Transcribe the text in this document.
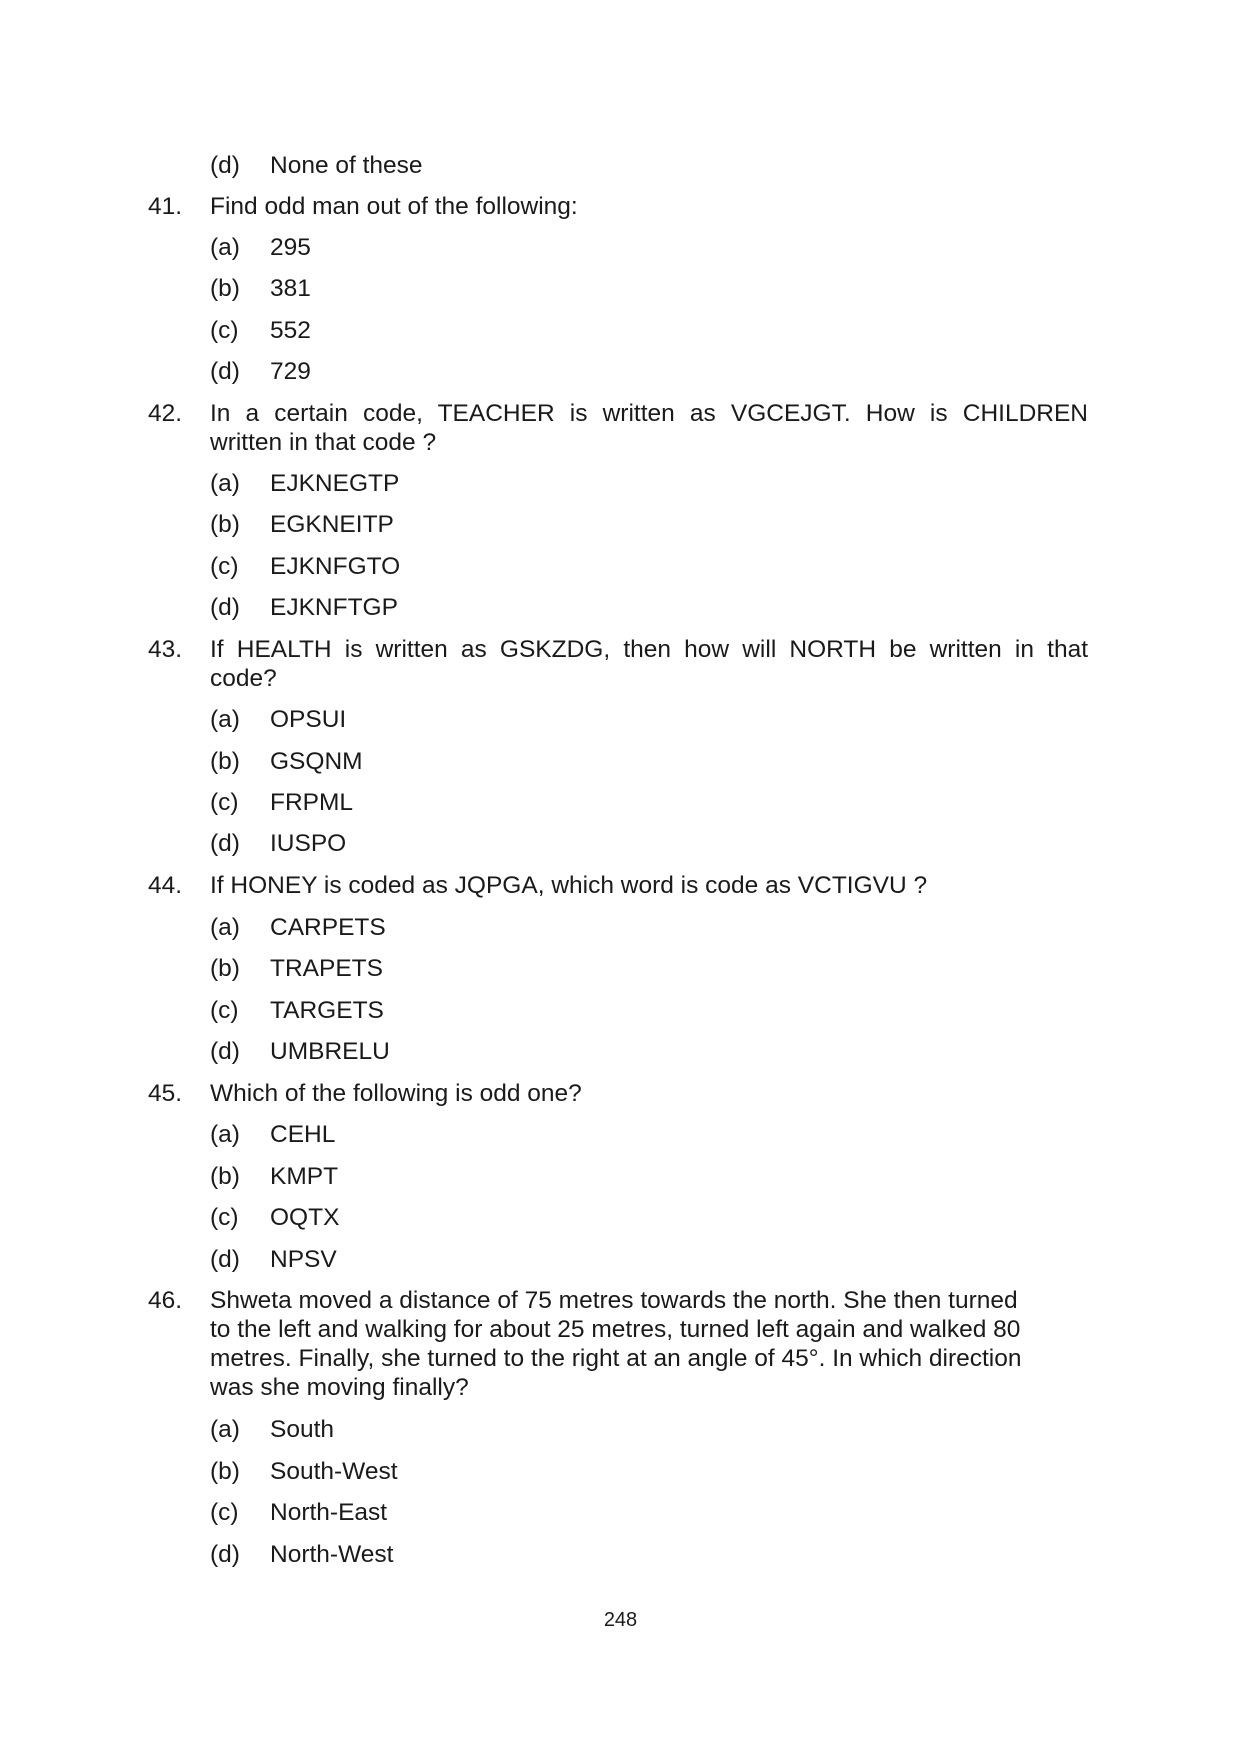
(d) None of these
41. Find odd man out of the following:
(a) 295
(b) 381
(c) 552
(d) 729
42. In a certain code, TEACHER is written as VGCEJGT. How is CHILDREN
written in that code ?
(a) EJKNEGTP
(b) EGKNEITP
(c) EJKNFGTO
(d) EJKNFTGP
43. If HEALTH is written as GSKZDG, then how will NORTH be written in that
code?
(a) OPSUI
(b) GSQNM
(c) FRPML
(d) IUSPO
44. If HONEY is coded as JQPGA, which word is code as VCTIGVU ?
(a) CARPETS
(b) TRAPETS
(c) TARGETS
(d) UMBRELU
45. Which of the following is odd one?
(a) CEHL
(b) KMPT
(c) OQTX
(d) NPSV
46. Shweta moved a distance of 75 metres towards the north. She then turned
to the left and walking for about 25 metres, turned left again and walked 80
metres. Finally, she turned to the right at an angle of 45°. In which direction
was she moving finally?
(a) South
(b) South-West
(c) North-East
(d) North-West
248
